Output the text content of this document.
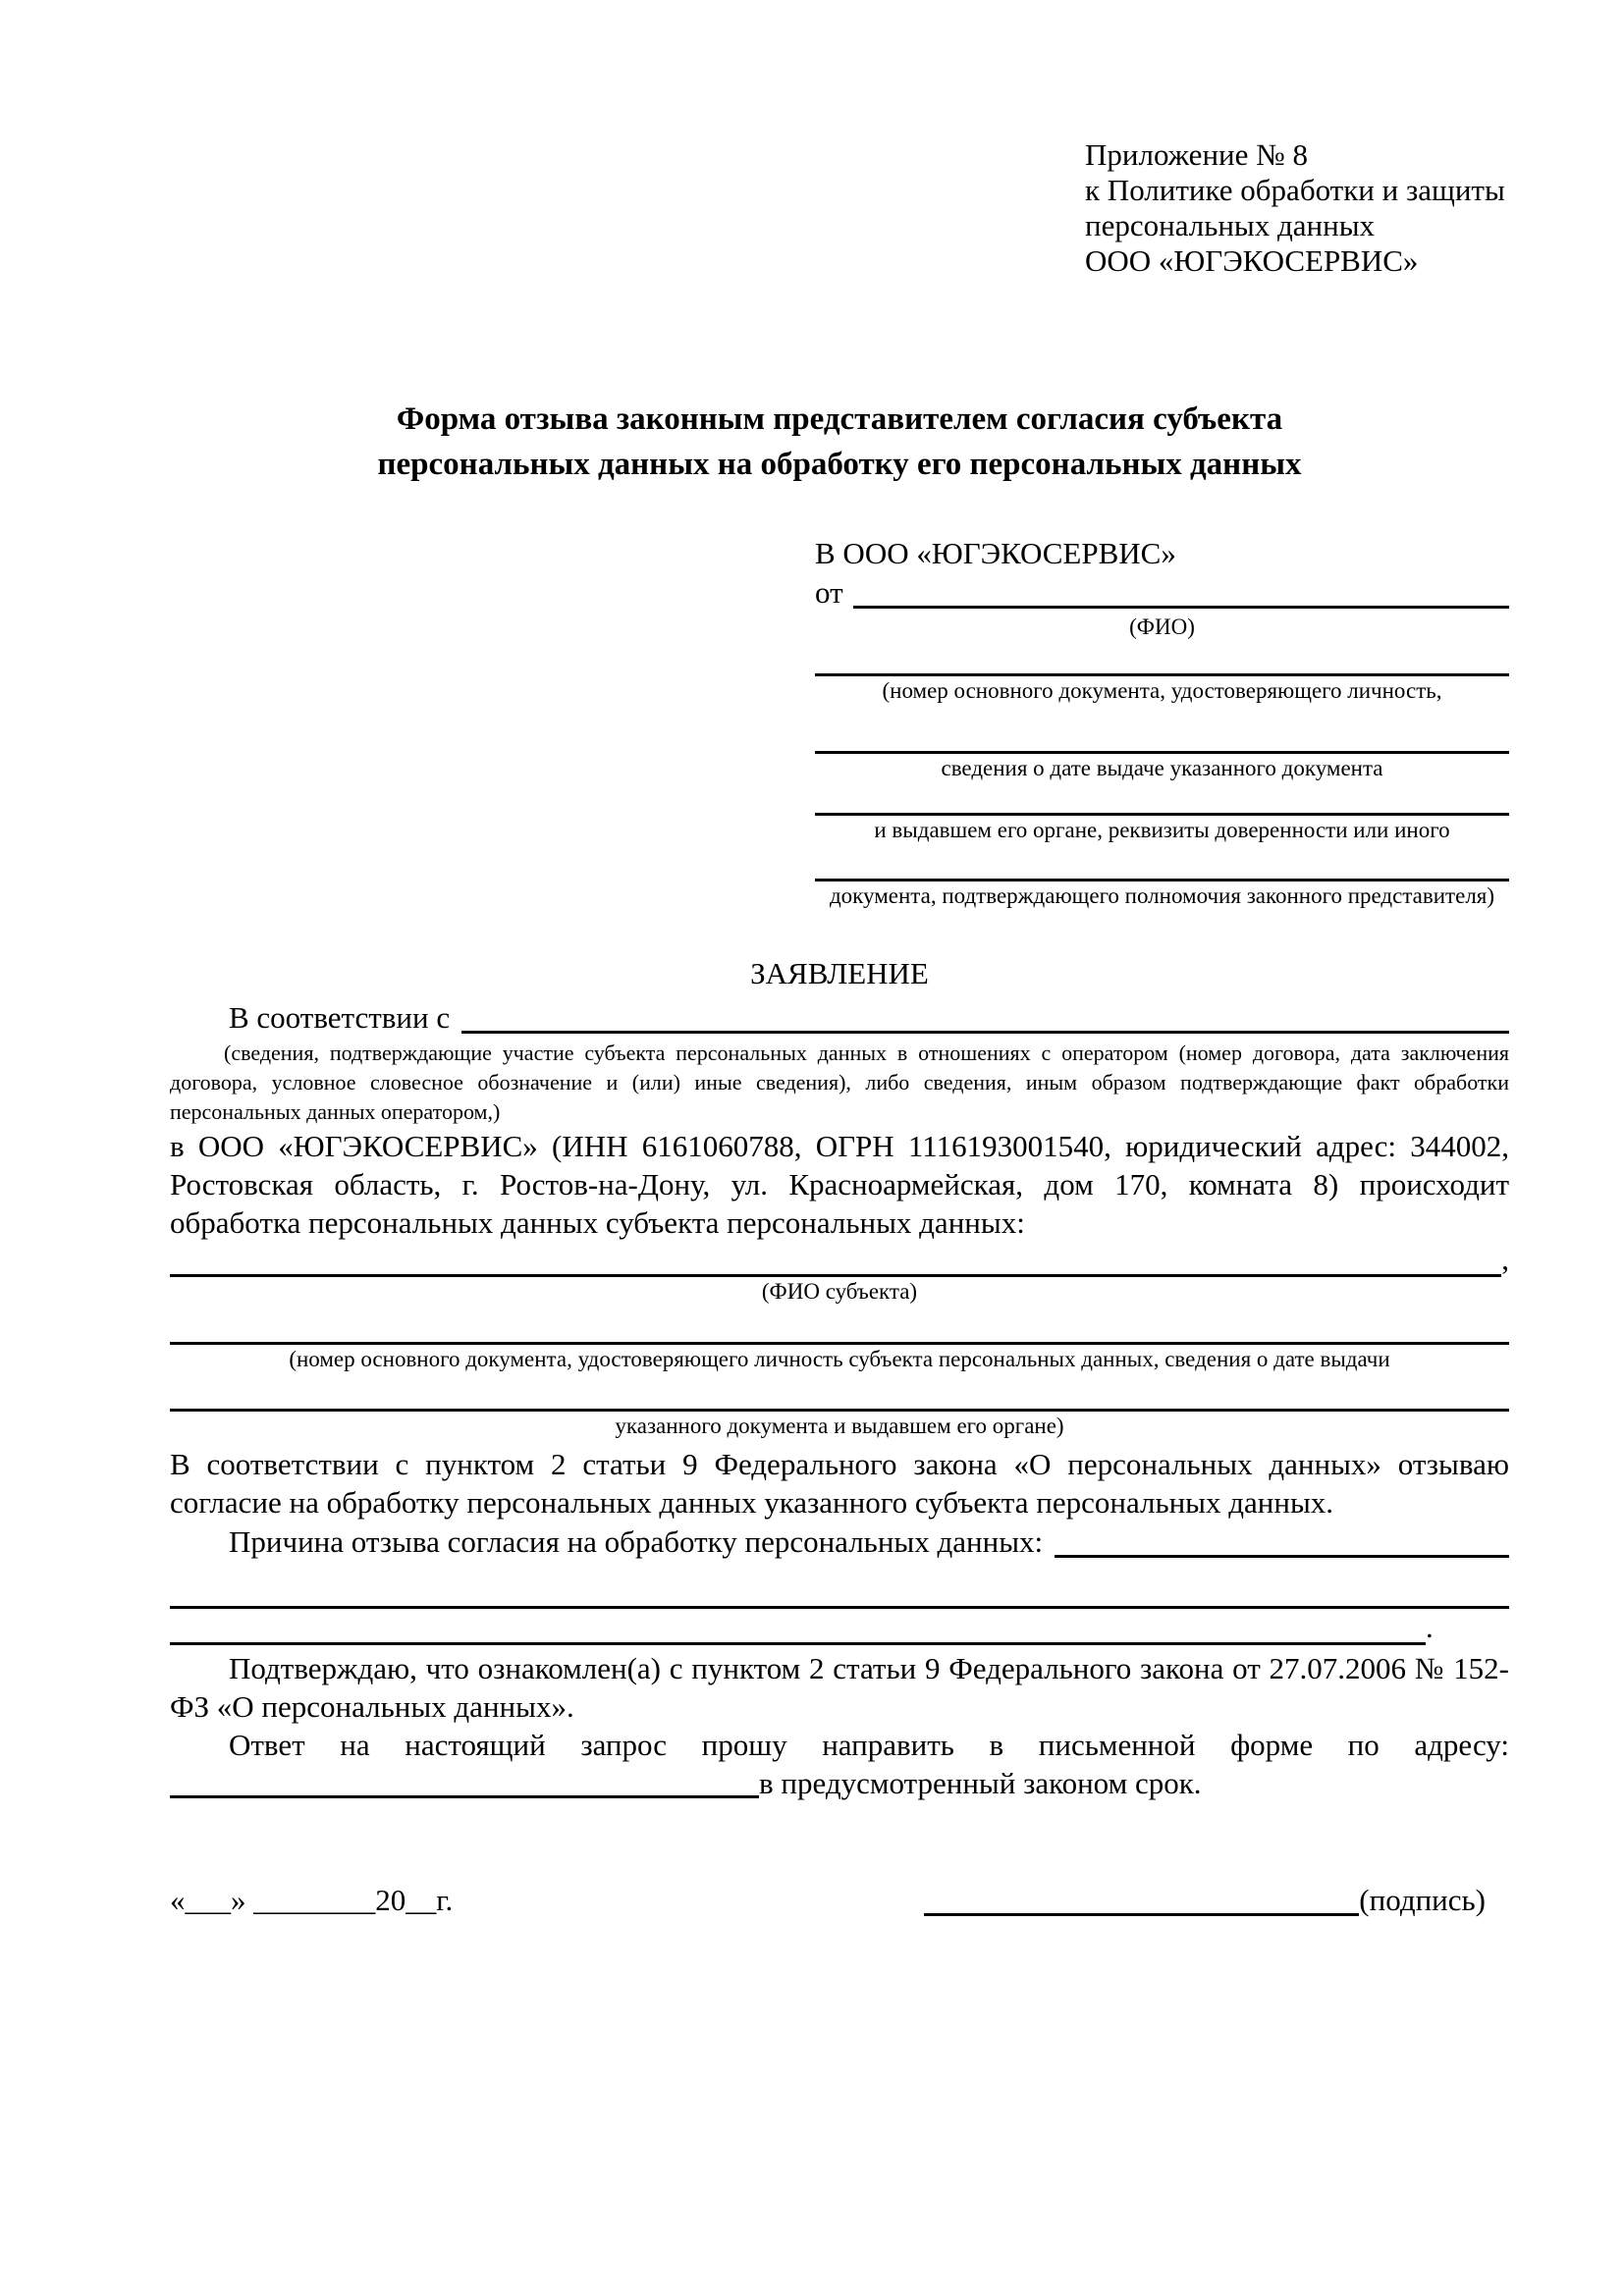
Приложение № 8
к Политике обработки и защиты
персональных данных
ООО «ЮГЭКОСЕРВИС»
Форма отзыва законным представителем согласия субъекта
персональных данных на обработку его персональных данных
В ООО «ЮГЭКОСЕРВИС»
от
(ФИО)
(номер основного документа, удостоверяющего личность,
сведения о дате выдаче указанного документа
и выдавшем его органе, реквизиты доверенности или иного
документа, подтверждающего полномочия законного представителя)
ЗАЯВЛЕНИЕ
В соответствии с
(сведения, подтверждающие участие субъекта персональных данных в отношениях с оператором (номер договора, дата заключения договора, условное словесное обозначение и (или) иные сведения), либо сведения, иным образом подтверждающие факт обработки персональных данных оператором,)
в ООО «ЮГЭКОСЕРВИС» (ИНН 6161060788, ОГРН 1116193001540, юридический адрес: 344002, Ростовская область, г. Ростов-на-Дону, ул. Красноармейская, дом 170, комната 8) происходит обработка персональных данных субъекта персональных данных:
,
(ФИО субъекта)
(номер основного документа, удостоверяющего личность субъекта персональных данных, сведения о дате выдачи
указанного документа и выдавшем его органе)
В соответствии с пунктом 2 статьи 9 Федерального закона «О персональных данных» отзываю согласие на обработку персональных данных указанного субъекта персональных данных.
Причина отзыва согласия на обработку персональных данных:
.
Подтверждаю, что ознакомлен(а) с пунктом 2 статьи 9 Федерального закона от 27.07.2006 № 152-ФЗ «О персональных данных».
Ответ на настоящий запрос прошу направить в письменной форме по адресу:
в предусмотренный законом срок.
«___» ________20__г.	(подпись)
